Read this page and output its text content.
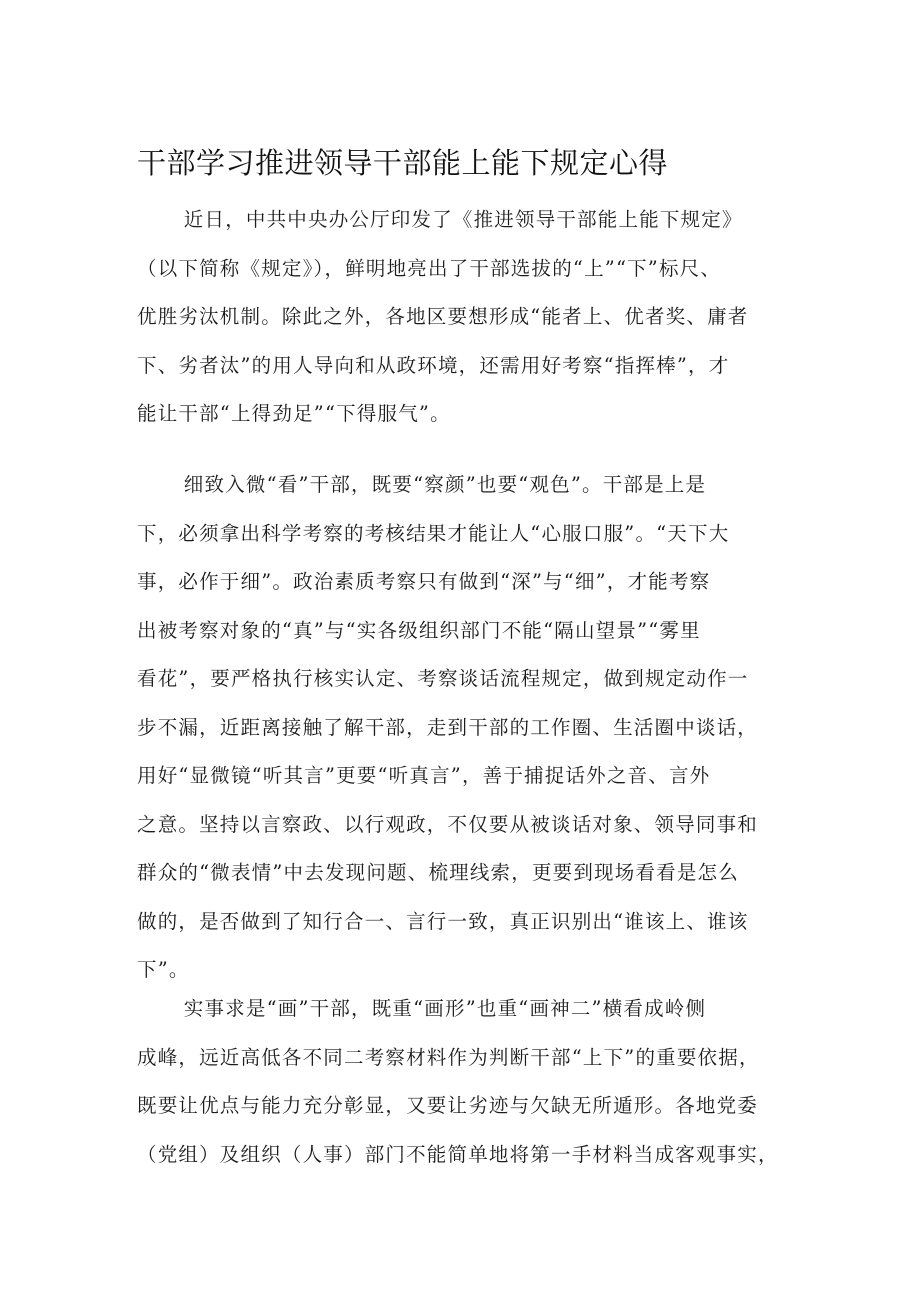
干部学习推进领导干部能上能下规定心得

近日，中共中央办公厅印发了《推进领导干部能上能下规定》
（以下简称《规定》），鲜明地亮出了干部选拔的“上”“下”标尺、
优胜劣汰机制。除此之外，各地区要想形成“能者上、优者奖、庸者
下、劣者汰”的用人导向和从政环境，还需用好考察“指挥棒”，才
能让干部“上得劲足”“下得服气”。

细致入微“看”干部，既要“察颜”也要“观色”。干部是上是
下，必须拿出科学考察的考核结果才能让人“心服口服”。“天下大
事，必作于细”。政治素质考察只有做到“深”与“细”，才能考察
出被考察对象的“真”与“实各级组织部门不能“隔山望景”“雾里
看花”，要严格执行核实认定、考察谈话流程规定，做到规定动作一
步不漏，近距离接触了解干部，走到干部的工作圈、生活圈中谈话，
用好“显微镜“听其言”更要“听真言”，善于捕捉话外之音、言外
之意。坚持以言察政、以行观政，不仅要从被谈话对象、领导同事和
群众的“微表情”中去发现问题、梳理线索，更要到现场看看是怎么
做的，是否做到了知行合一、言行一致，真正识别出“谁该上、谁该
下”。

实事求是“画”干部，既重“画形”也重“画神二”横看成岭侧
成峰，远近高低各不同二考察材料作为判断干部“上下”的重要依据，
既要让优点与能力充分彰显，又要让劣迹与欠缺无所遁形。各地党委
（党组）及组织（人事）部门不能简单地将第一手材料当成客观事实，
